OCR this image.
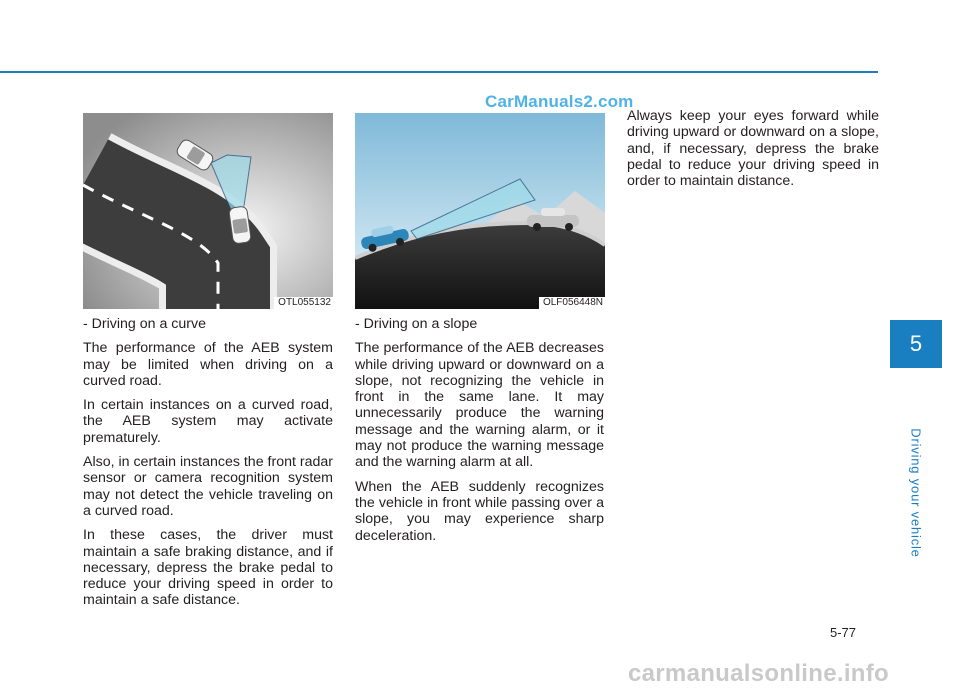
CarManuals2.com
OTL055132	OLF056448N

- Driving on a curve

The performance of the AEB system may be limited when driving on a curved road.

In certain instances on a curved road, the AEB system may activate prematurely.

Also, in certain instances the front radar sensor or camera recognition system may not detect the vehicle traveling on a curved road.

In these cases, the driver must maintain a safe braking distance, and if necessary, depress the brake pedal to reduce your driving speed in order to maintain a safe distance.

- Driving on a slope

The performance of the AEB decreases while driving upward or downward on a slope, not recognizing the vehicle in front in the same lane. It may unnecessarily produce the warning message and the warning alarm, or it may not produce the warning message and the warning alarm at all.

When the AEB suddenly recognizes the vehicle in front while passing over a slope, you may experience sharp deceleration.

Always keep your eyes forward while driving upward or downward on a slope, and, if necessary, depress the brake pedal to reduce your driving speed in order to maintain distance.

5
Driving your vehicle
5-77
carmanualsonline.info
